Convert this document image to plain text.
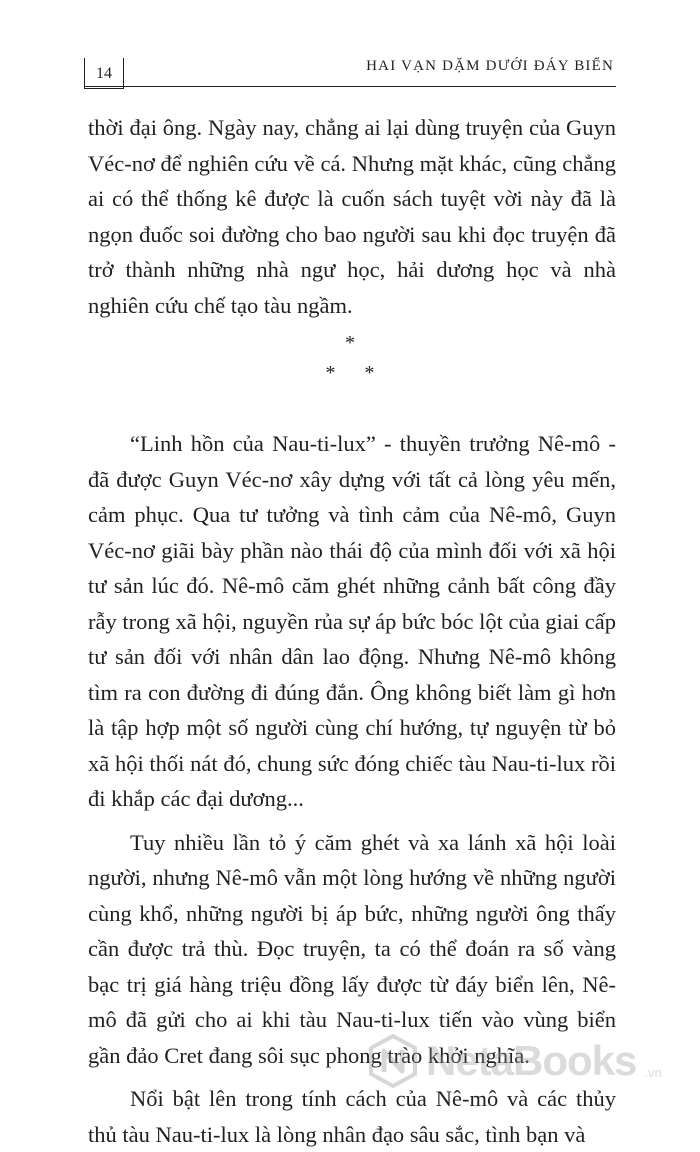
14	HAI VẠN DẶM DƯỚI ĐÁY BIỂN

thời đại ông. Ngày nay, chẳng ai lại dùng truyện của Guyn Véc-nơ để nghiên cứu về cá. Nhưng mặt khác, cũng chẳng ai có thể thống kê được là cuốn sách tuyệt vời này đã là ngọn đuốc soi đường cho bao người sau khi đọc truyện đã trở thành những nhà ngư học, hải dương học và nhà nghiên cứu chế tạo tàu ngầm.

*
* *

“Linh hồn của Nau-ti-lux” - thuyền trưởng Nê-mô - đã được Guyn Véc-nơ xây dựng với tất cả lòng yêu mến, cảm phục. Qua tư tưởng và tình cảm của Nê-mô, Guyn Véc-nơ giãi bày phần nào thái độ của mình đối với xã hội tư sản lúc đó. Nê-mô căm ghét những cảnh bất công đầy rẫy trong xã hội, nguyền rủa sự áp bức bóc lột của giai cấp tư sản đối với nhân dân lao động. Nhưng Nê-mô không tìm ra con đường đi đúng đắn. Ông không biết làm gì hơn là tập hợp một số người cùng chí hướng, tự nguyện từ bỏ xã hội thối nát đó, chung sức đóng chiếc tàu Nau-ti-lux rồi đi khắp các đại dương...

Tuy nhiều lần tỏ ý căm ghét và xa lánh xã hội loài người, nhưng Nê-mô vẫn một lòng hướng về những người cùng khổ, những người bị áp bức, những người ông thấy cần được trả thù. Đọc truyện, ta có thể đoán ra số vàng bạc trị giá hàng triệu đồng lấy được từ đáy biển lên, Nê-mô đã gửi cho ai khi tàu Nau-ti-lux tiến vào vùng biển gần đảo Cret đang sôi sục phong trào khởi nghĩa.

Nổi bật lên trong tính cách của Nê-mô và các thủy thủ tàu Nau-ti-lux là lòng nhân đạo sâu sắc, tình bạn và

NetaBooks .vn
